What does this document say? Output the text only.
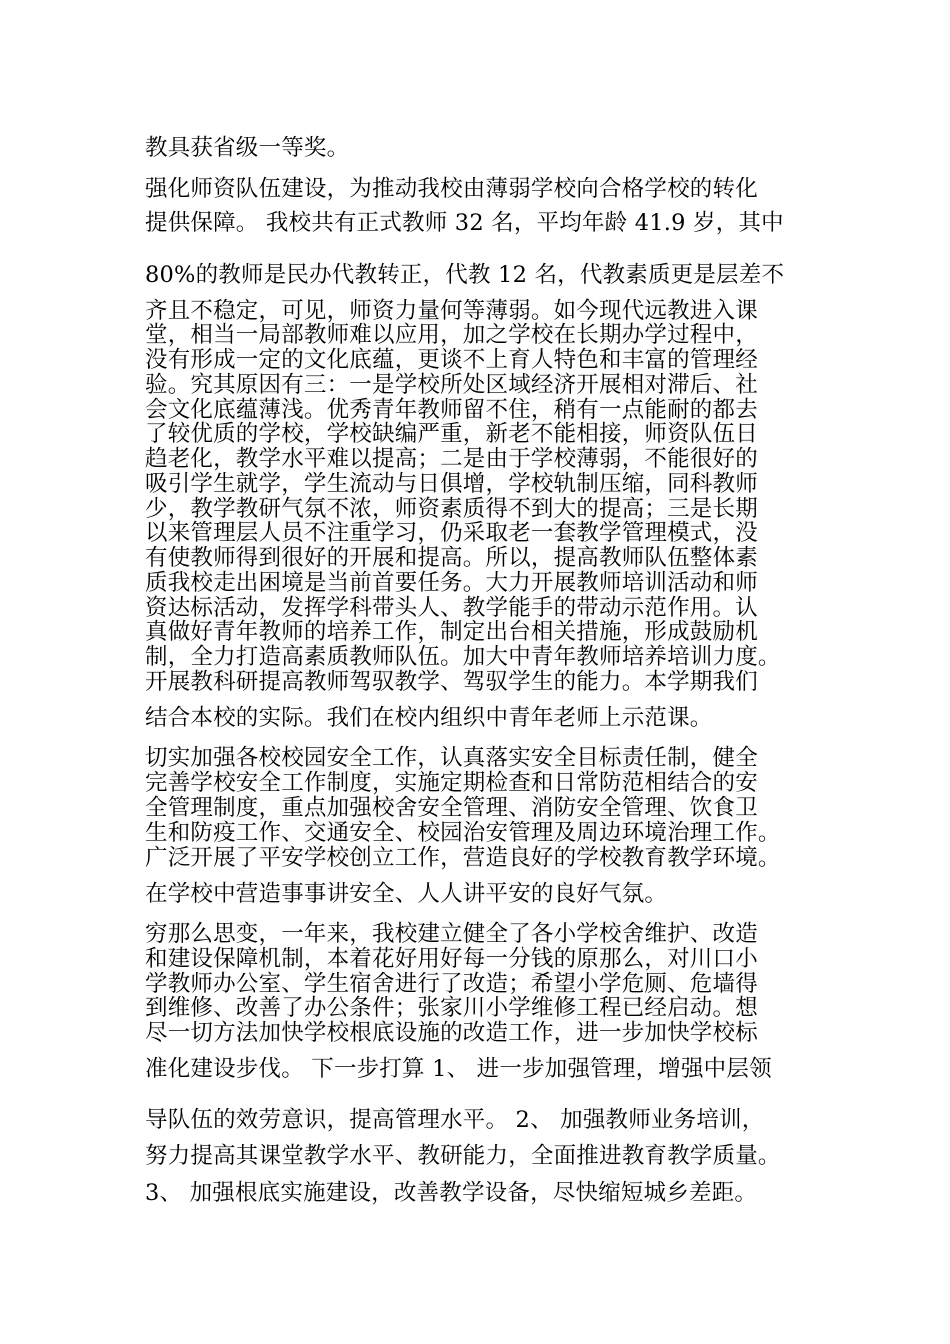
教具获省级一等奖。
强化师资队伍建设，为推动我校由薄弱学校向合格学校的转化
提供保障。 我校共有正式教师 32 名，平均年龄 41.9 岁，其中
80%的教师是民办代教转正，代教 12 名，代教素质更是层差不
齐且不稳定，可见，师资力量何等薄弱。如今现代远教进入课
堂，相当一局部教师难以应用，加之学校在长期办学过程中，
没有形成一定的文化底蕴，更谈不上育人特色和丰富的管理经
验。究其原因有三：一是学校所处区域经济开展相对滞后、社
会文化底蕴薄浅。优秀青年教师留不住，稍有一点能耐的都去
了较优质的学校，学校缺编严重，新老不能相接，师资队伍日
趋老化，教学水平难以提高；二是由于学校薄弱，不能很好的
吸引学生就学，学生流动与日俱增，学校轨制压缩，同科教师
少，教学教研气氛不浓，师资素质得不到大的提高；三是长期
以来管理层人员不注重学习，仍采取老一套教学管理模式，没
有使教师得到很好的开展和提高。所以，提高教师队伍整体素
质我校走出困境是当前首要任务。大力开展教师培训活动和师
资达标活动，发挥学科带头人、教学能手的带动示范作用。认
真做好青年教师的培养工作，制定出台相关措施，形成鼓励机
制，全力打造高素质教师队伍。加大中青年教师培养培训力度。
开展教科研提高教师驾驭教学、驾驭学生的能力。本学期我们
结合本校的实际。我们在校内组织中青年老师上示范课。
切实加强各校校园安全工作，认真落实安全目标责任制，健全
完善学校安全工作制度，实施定期检查和日常防范相结合的安
全管理制度，重点加强校舍安全管理、消防安全管理、饮食卫
生和防疫工作、交通安全、校园治安管理及周边环境治理工作。
广泛开展了平安学校创立工作，营造良好的学校教育教学环境。
在学校中营造事事讲安全、人人讲平安的良好气氛。
穷那么思变，一年来，我校建立健全了各小学校舍维护、改造
和建设保障机制，本着花好用好每一分钱的原那么，对川口小
学教师办公室、学生宿舍进行了改造；希望小学危厕、危墙得
到维修、改善了办公条件；张家川小学维修工程已经启动。想
尽一切方法加快学校根底设施的改造工作，进一步加快学校标
准化建设步伐。 下一步打算 1、 进一步加强管理，增强中层领
导队伍的效劳意识，提高管理水平。 2、 加强教师业务培训，
努力提高其课堂教学水平、教研能力，全面推进教育教学质量。
3、 加强根底实施建设，改善教学设备，尽快缩短城乡差距。
